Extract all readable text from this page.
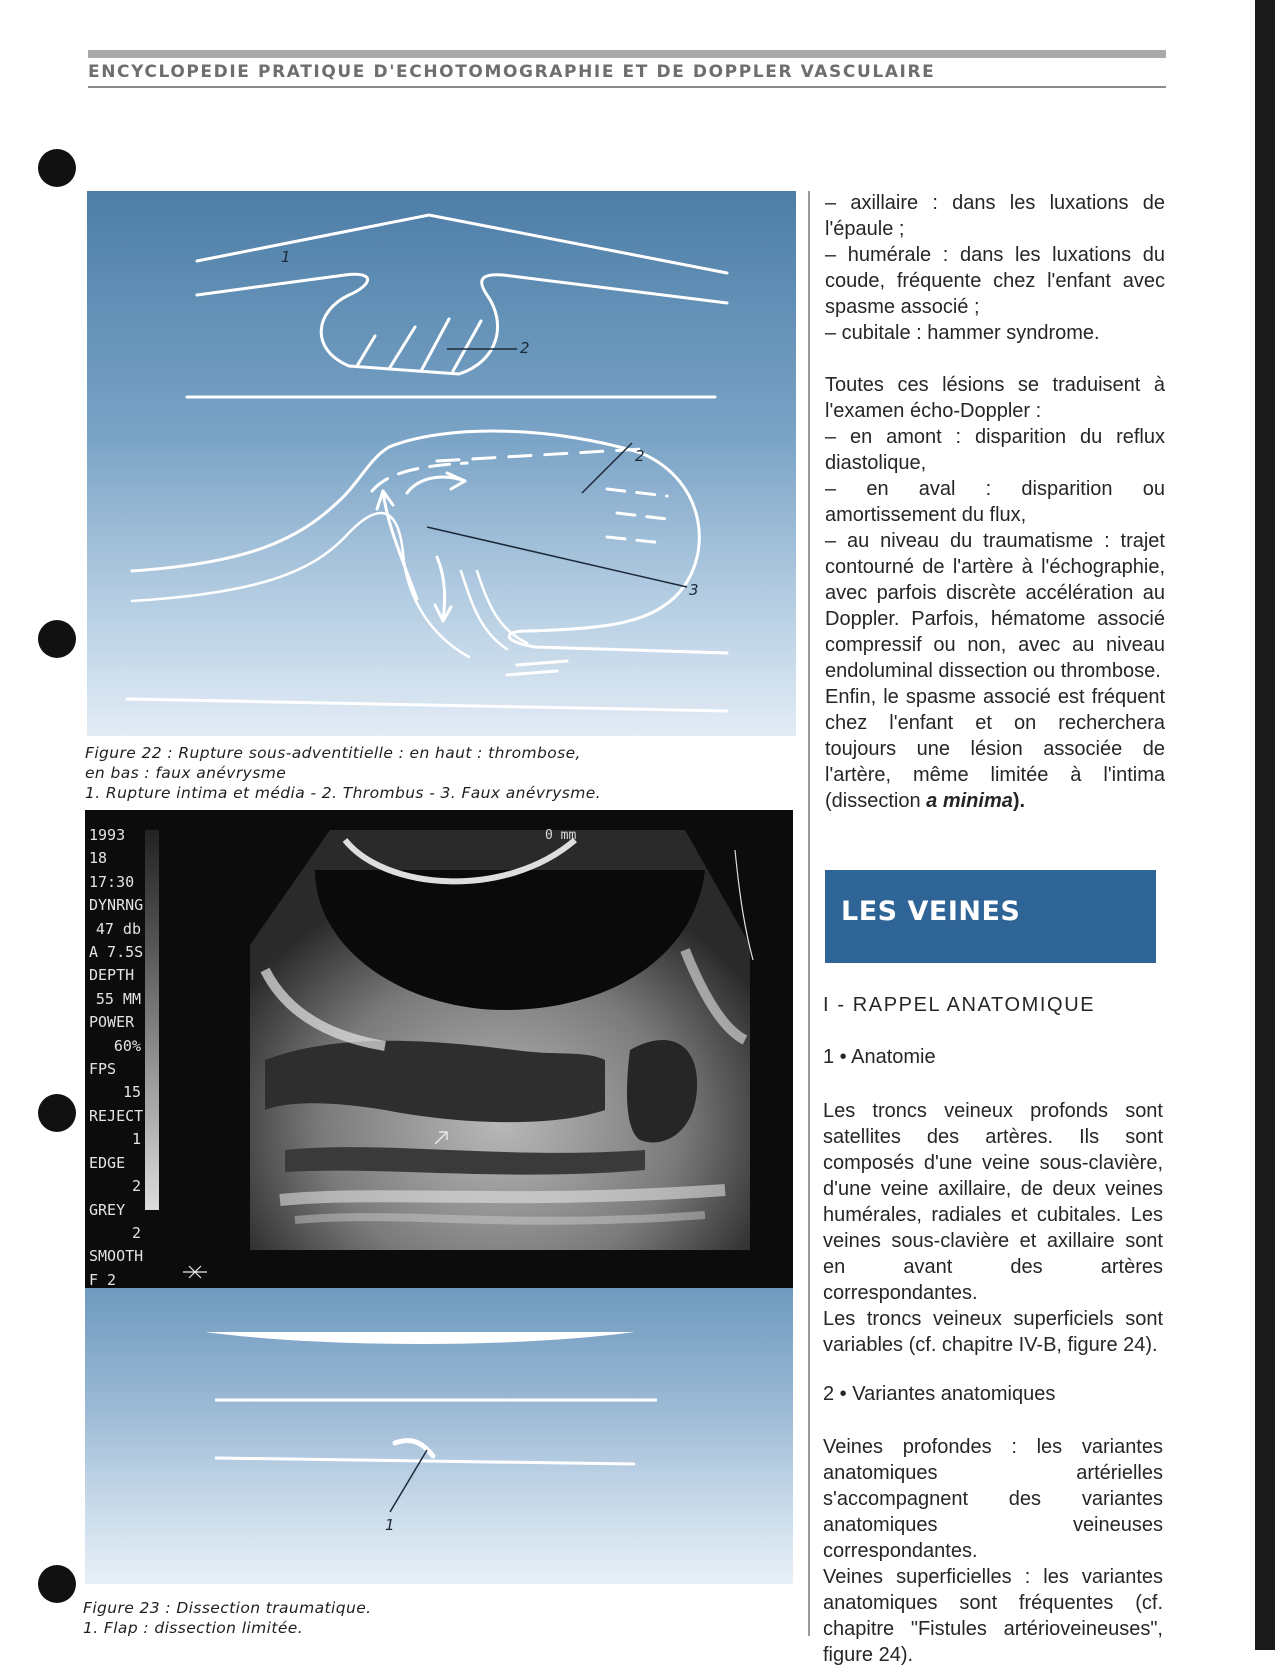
ENCYCLOPEDIE PRATIQUE D'ECHOTOMOGRAPHIE ET DE DOPPLER VASCULAIRE
1
2
2
3
Figure 22 : Rupture sous-adventitielle : en haut : thrombose,
en bas : faux anévrysme
1. Rupture intima et média - 2. Thrombus - 3. Faux anévrysme.
1993
18
17:30
DYNRNG
47 db
A 7.5S
DEPTH
55 MM
POWER
60%
FPS
15
REJECT
1
EDGE
2
GREY
2
SMOOTH
F 2
0 mm
1
Figure 23 : Dissection traumatique.
1. Flap : dissection limitée.

– axillaire : dans les luxations de l'épaule ;

– humérale : dans les luxations du coude, fréquente chez l'enfant avec spasme associé ;

– cubitale : hammer syndrome.

Toutes ces lésions se traduisent à l'examen écho-Doppler :

– en amont : disparition du reflux diastolique,

– en aval : disparition ou amortissement du flux,

– au niveau du traumatisme : trajet contourné de l'artère à l'échographie, avec parfois discrète accélération au Doppler. Parfois, hématome associé compressif ou non, avec au niveau endoluminal dissection ou thrombose.

Enfin, le spasme associé est fréquent chez l'enfant et on recherchera toujours une lésion associée de l'artère, même limitée à l'intima (dissection a minima).

LES VEINES
I - RAPPEL ANATOMIQUE
1 • Anatomie

Les troncs veineux profonds sont satellites des artères. Ils sont composés d'une veine sous-clavière, d'une veine axillaire, de deux veines humérales, radiales et cubitales. Les veines sous-clavière et axillaire sont en avant des artères correspondantes.

Les troncs veineux superficiels sont variables (cf. chapitre IV-B, figure 24).

2 • Variantes anatomiques

Veines profondes : les variantes anatomiques artérielles s'accompagnent des variantes anatomiques veineuses correspondantes.

Veines superficielles : les variantes anatomiques sont fréquentes (cf. chapitre "Fistules artérioveineuses", figure 24).
